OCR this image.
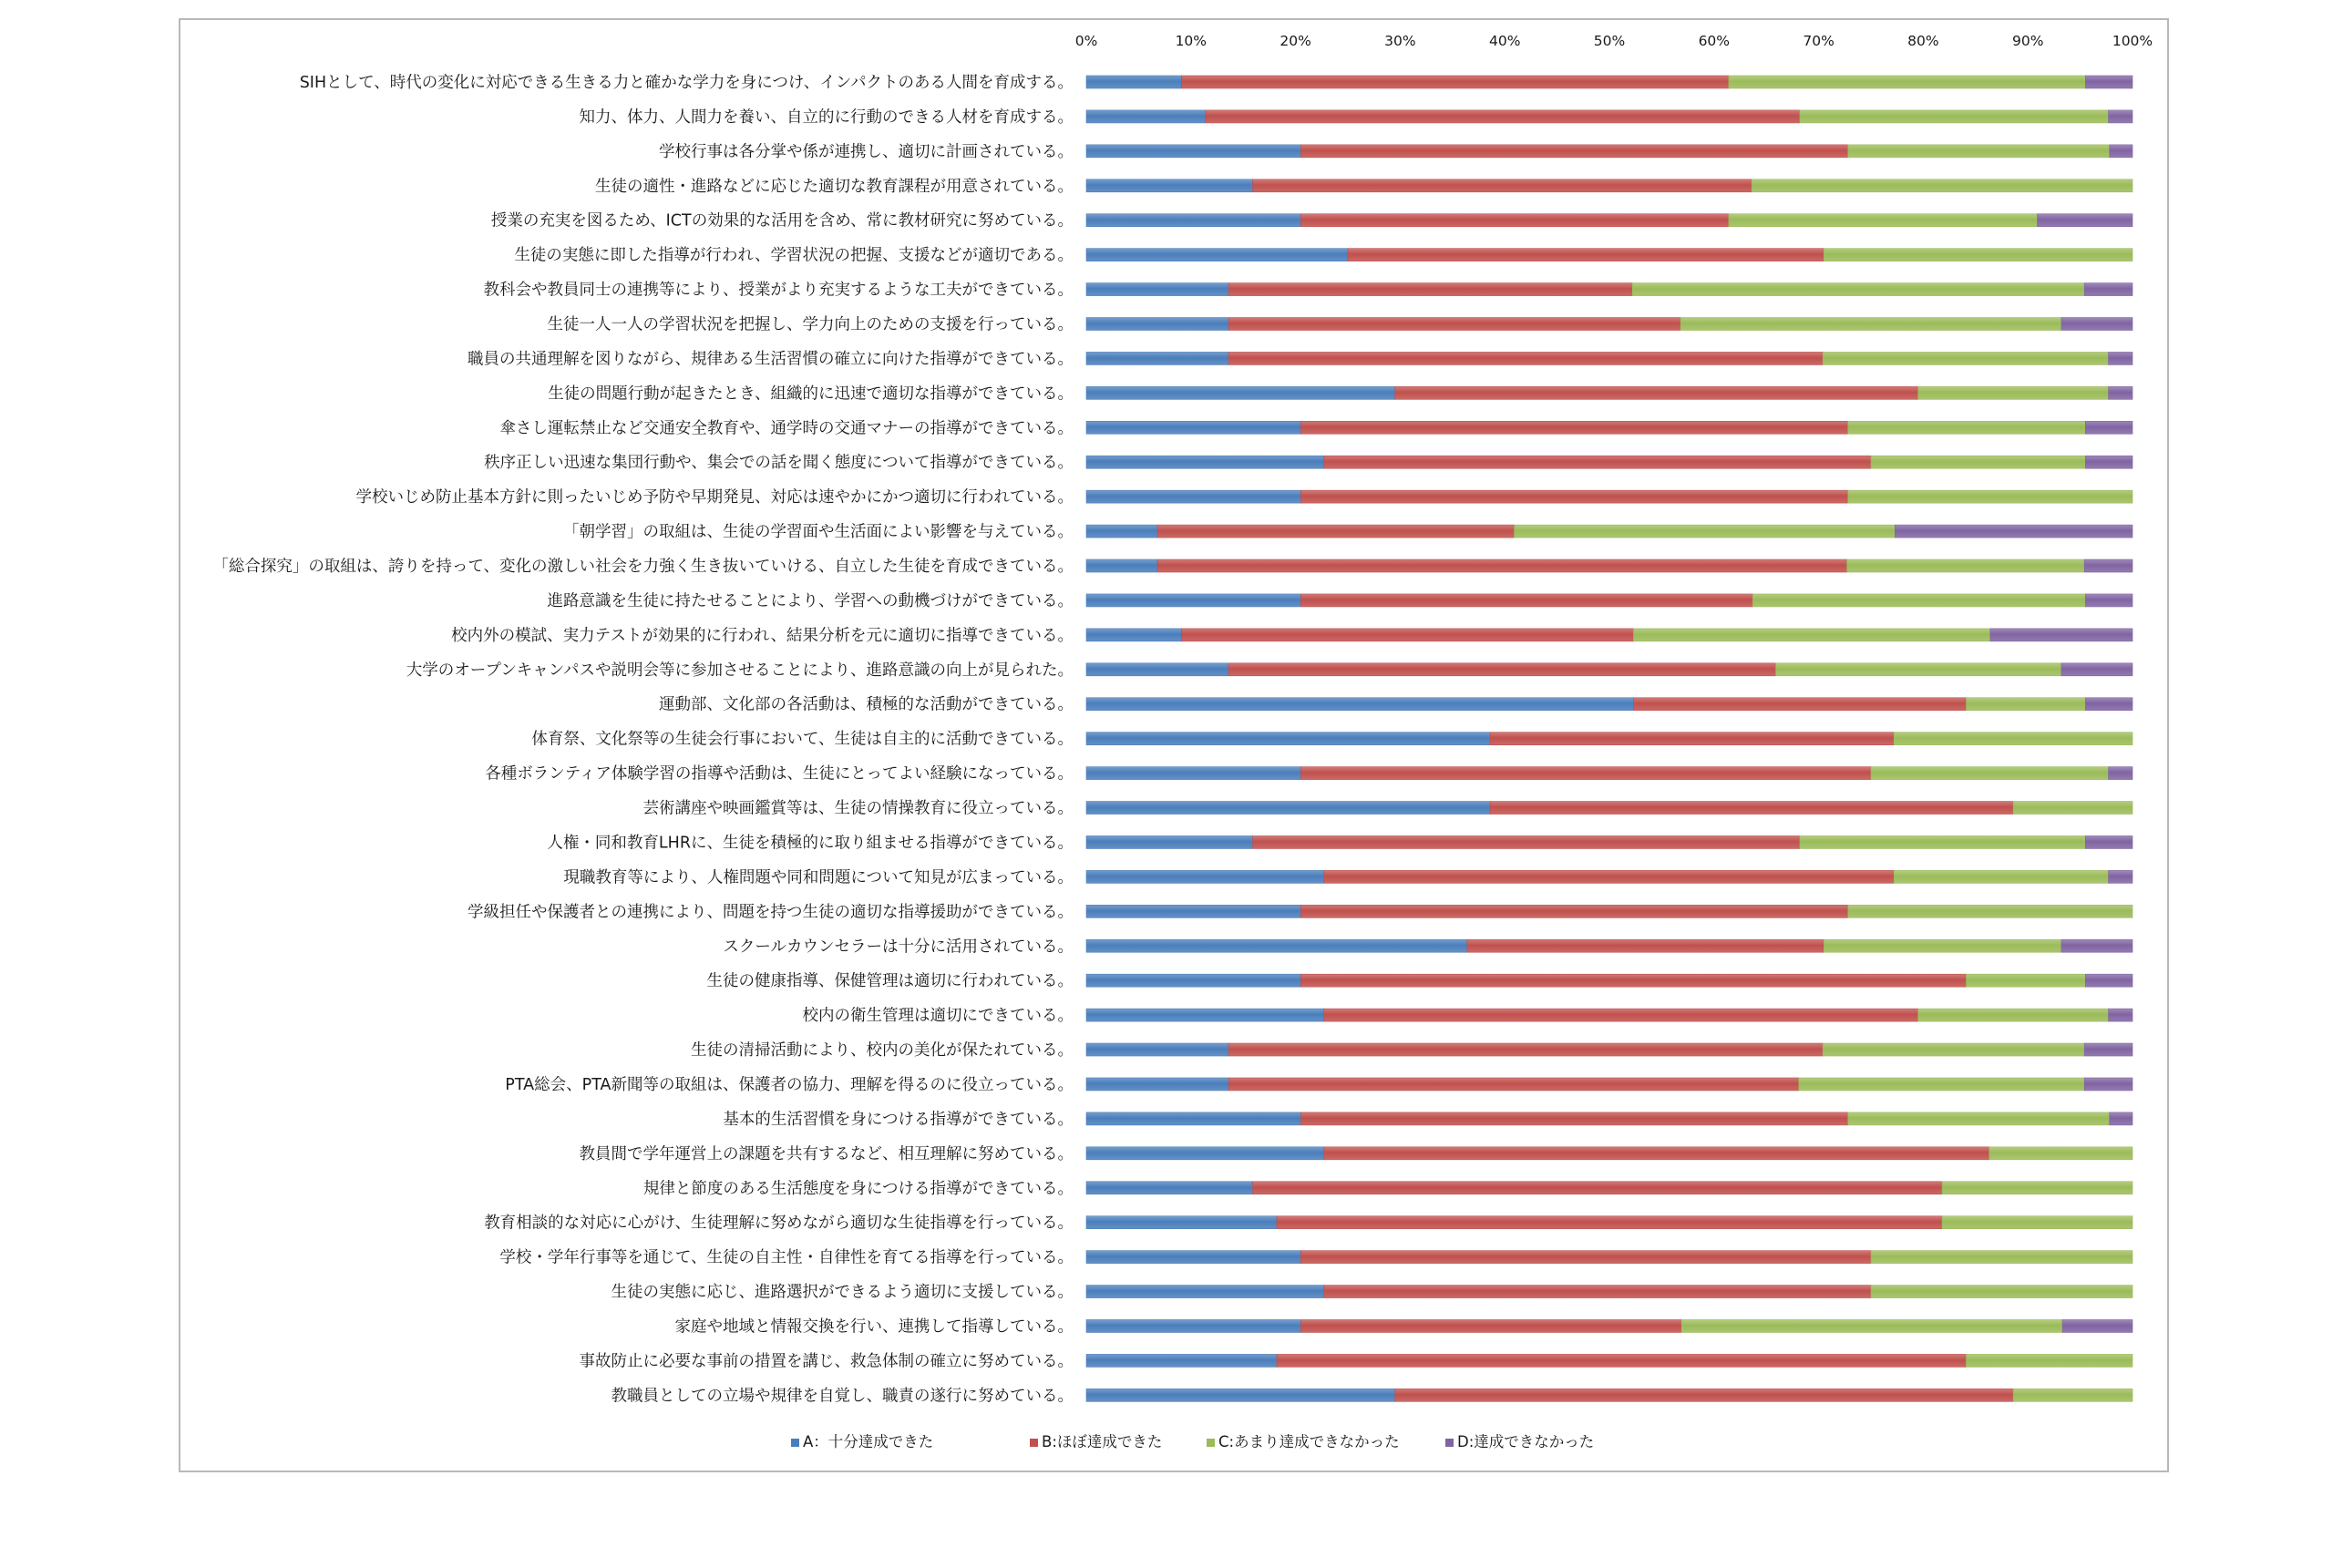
0%	10%	20%	30%	40%	50%	60%	70%	80%	90%	100%
SIHとして、時代の変化に対応できる生きる力と確かな学力を身につけ、インパクトのある人間を育成する。
知力、体力、人間力を養い、自立的に行動のできる人材を育成する。
学校行事は各分掌や係が連携し、適切に計画されている。
生徒の適性・進路などに応じた適切な教育課程が用意されている。
授業の充実を図るため、ICTの効果的な活用を含め、常に教材研究に努めている。
生徒の実態に即した指導が行われ、学習状況の把握、支援などが適切である。
教科会や教員同士の連携等により、授業がより充実するような工夫ができている。
生徒一人一人の学習状況を把握し、学力向上のための支援を行っている。
職員の共通理解を図りながら、規律ある生活習慣の確立に向けた指導ができている。
生徒の問題行動が起きたとき、組織的に迅速で適切な指導ができている。
傘さし運転禁止など交通安全教育や、通学時の交通マナーの指導ができている。
秩序正しい迅速な集団行動や、集会での話を聞く態度について指導ができている。
学校いじめ防止基本方針に則ったいじめ予防や早期発見、対応は速やかにかつ適切に行われている。
「朝学習」の取組は、生徒の学習面や生活面によい影響を与えている。
「総合探究」の取組は、誇りを持って、変化の激しい社会を力強く生き抜いていける、自立した生徒を育成できている。
進路意識を生徒に持たせることにより、学習への動機づけができている。
校内外の模試、実力テストが効果的に行われ、結果分析を元に適切に指導できている。
大学のオープンキャンパスや説明会等に参加させることにより、進路意識の向上が見られた。
運動部、文化部の各活動は、積極的な活動ができている。
体育祭、文化祭等の生徒会行事において、生徒は自主的に活動できている。
各種ボランティア体験学習の指導や活動は、生徒にとってよい経験になっている。
芸術講座や映画鑑賞等は、生徒の情操教育に役立っている。
人権・同和教育LHRに、生徒を積極的に取り組ませる指導ができている。
現職教育等により、人権問題や同和問題について知見が広まっている。
学級担任や保護者との連携により、問題を持つ生徒の適切な指導援助ができている。
スクールカウンセラーは十分に活用されている。
生徒の健康指導、保健管理は適切に行われている。
校内の衛生管理は適切にできている。
生徒の清掃活動により、校内の美化が保たれている。
PTA総会、PTA新聞等の取組は、保護者の協力、理解を得るのに役立っている。
基本的生活習慣を身につける指導ができている。
教員間で学年運営上の課題を共有するなど、相互理解に努めている。
規律と節度のある生活態度を身につける指導ができている。
教育相談的な対応に心がけ、生徒理解に努めながら適切な生徒指導を行っている。
学校・学年行事等を通じて、生徒の自主性・自律性を育てる指導を行っている。
生徒の実態に応じ、進路選択ができるよう適切に支援している。
家庭や地域と情報交換を行い、連携して指導している。
事故防止に必要な事前の措置を講じ、救急体制の確立に努めている。
教職員としての立場や規律を自覚し、職責の遂行に努めている。
A：十分達成できた	B:ほぼ達成できた	C:あまり達成できなかった	D:達成できなかった
